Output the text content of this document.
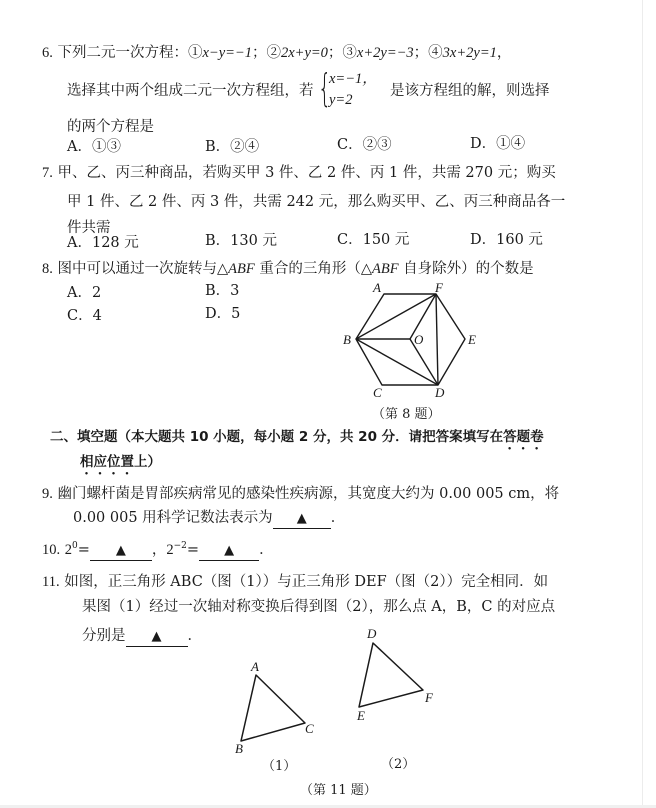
6. 下列二元一次方程：①x−y=−1；②2x+y=0；③x+2y=−3；④3x+2y=1，
选择其中两个组成二元一次方程组，若 {
x=−1，
y=2
是该方程组的解，则选择
的两个方程是
A．①③	B．②④	C．②③	D．①④
7. 甲、乙、丙三种商品，若购买甲 3 件、乙 2 件、丙 1 件，共需 270 元；购买
甲 1 件、乙 2 件、丙 3 件，共需 242 元，那么购买甲、乙、丙三种商品各一
件共需
A．128 元	B．130 元	C．150 元	D．160 元
8. 图中可以通过一次旋转与△ABF 重合的三角形（△ABF 自身除外）的个数是
A．2	B．3
C．4	D．5
A	F
B	O	E
C	D
（第 8 题）
二、填空题（本大题共 10 小题，每小题 2 分，共 20 分．请把答案填写在答题卷
相应位置上）
9. 幽门螺杆菌是胃部疾病常见的感染性疾病源，其宽度大约为 0.00 005 cm，将
0.00 005 用科学记数法表示为 ▲ ．
10. $2^0=$ ▲ ，$2^{-2}=$ ▲ ．
11. 如图，正三角形 ABC（图（1））与正三角形 DEF（图（2））完全相同．如
果图（1）经过一次轴对称变换后得到图（2），那么点 A，B，C 的对应点
分别是 ▲ ．
A
B
C
D
E
F
（1）	（2）
（第 11 题）
